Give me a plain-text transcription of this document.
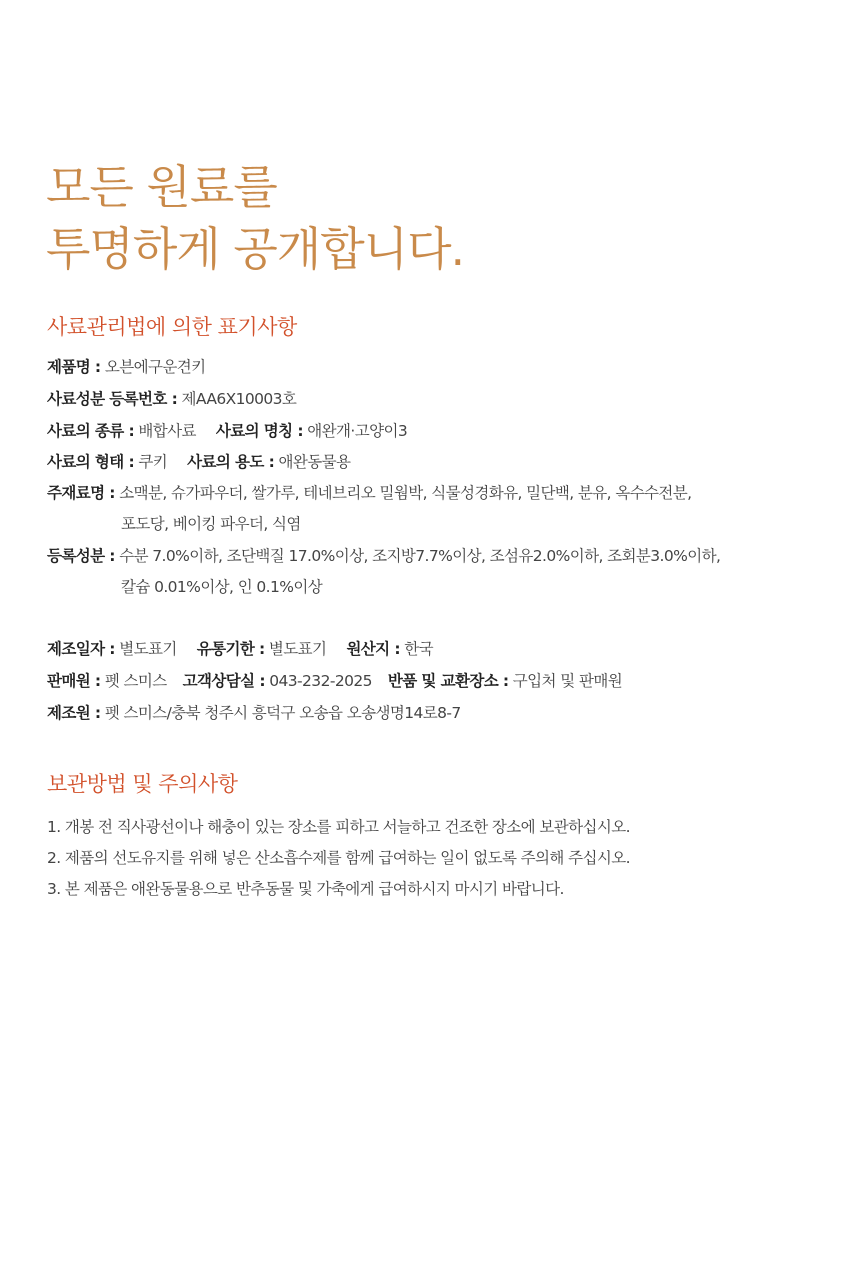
모든 원료를
투명하게 공개합니다.
사료관리법에 의한 표기사항
제품명 : 오븐에구운견키
사료성분 등록번호 : 제AA6X10003호
사료의 종류 : 배합사료 사료의 명칭 : 애완개·고양이3
사료의 형태 : 쿠키 사료의 용도 : 애완동물용
주재료명 : 소맥분, 슈가파우더, 쌀가루, 테네브리오 밀웜박, 식물성경화유, 밀단백, 분유, 옥수수전분,
포도당, 베이킹 파우더, 식염
등록성분 : 수분 7.0%이하, 조단백질 17.0%이상, 조지방7.7%이상, 조섬유2.0%이하, 조회분3.0%이하,
칼슘 0.01%이상, 인 0.1%이상
제조일자 : 별도표기 유통기한 : 별도표기 원산지 : 한국
판매원 : 펫 스미스 고객상담실 : 043-232-2025 반품 및 교환장소 : 구입처 및 판매원
제조원 : 펫 스미스/충북 청주시 흥덕구 오송읍 오송생명14로8-7
보관방법 및 주의사항
1. 개봉 전 직사광선이나 해충이 있는 장소를 피하고 서늘하고 건조한 장소에 보관하십시오.
2. 제품의 선도유지를 위해 넣은 산소흡수제를 함께 급여하는 일이 없도록 주의해 주십시오.
3. 본 제품은 애완동물용으로 반추동물 및 가축에게 급여하시지 마시기 바랍니다.
